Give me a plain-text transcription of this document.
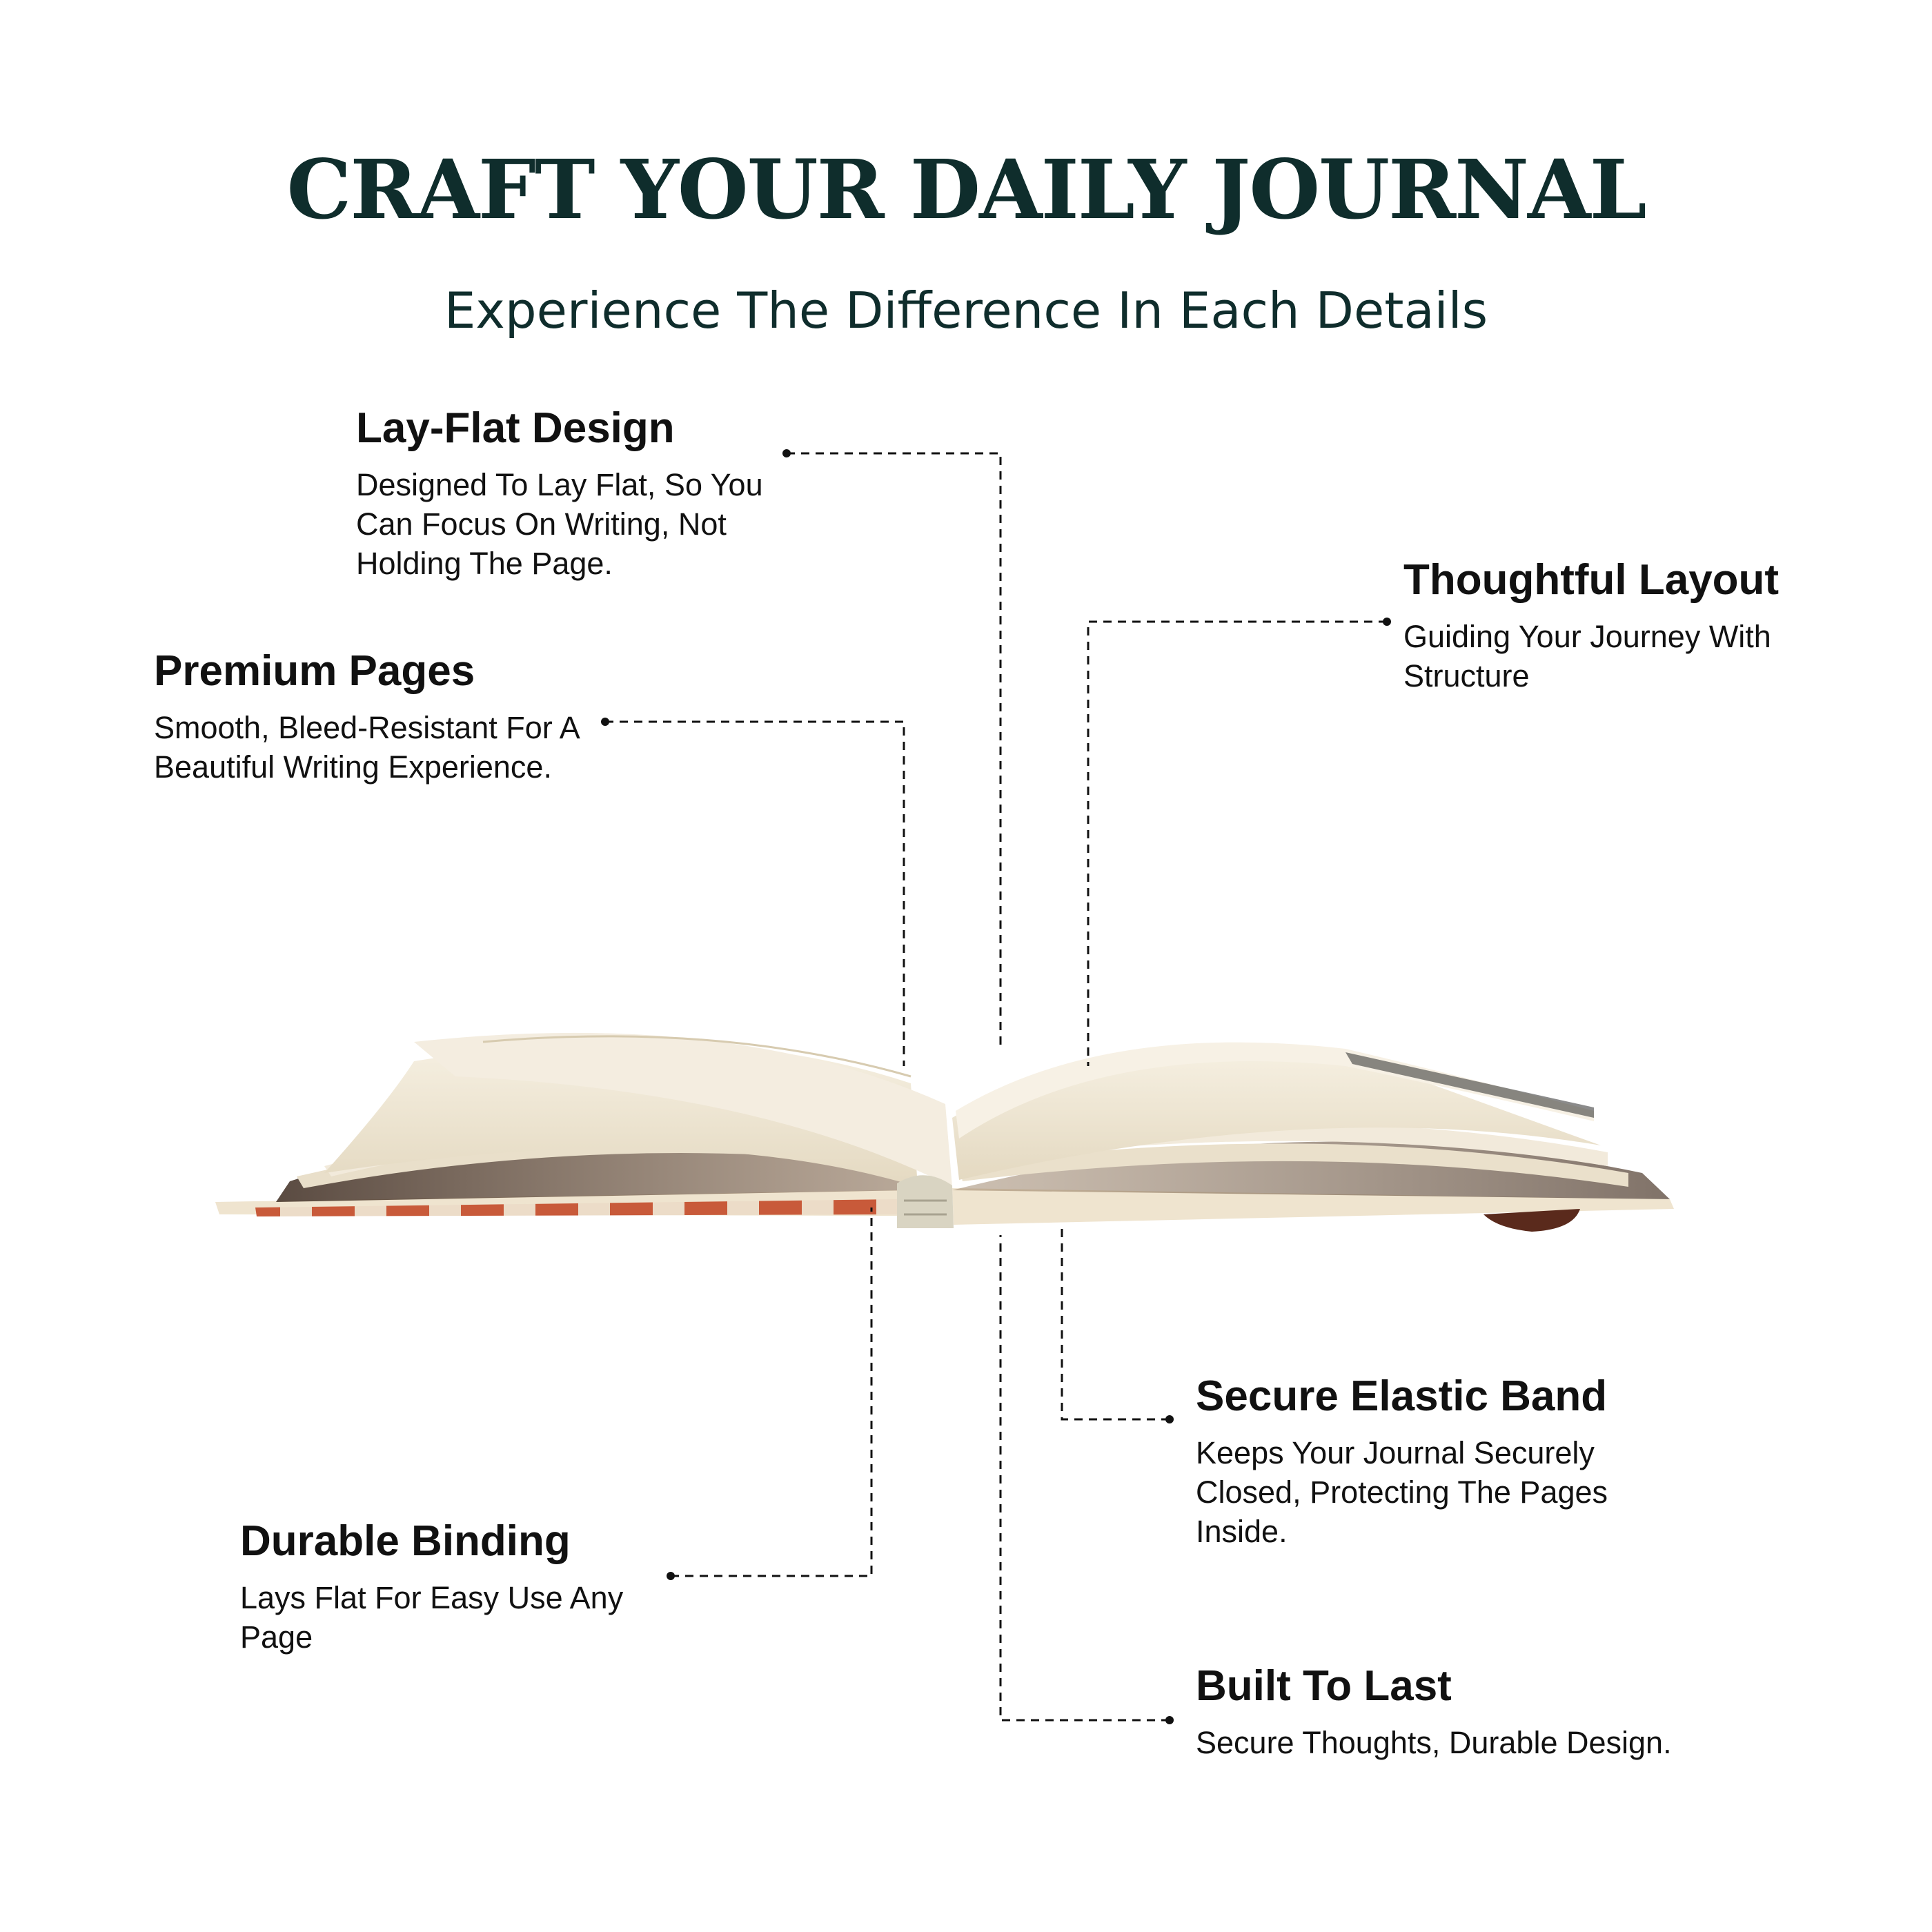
CRAFT YOUR DAILY JOURNAL
Experience The Difference In Each Details
Lay-Flat Design

Designed To Lay Flat, So You Can Focus On Writing, Not Holding The Page.

Premium Pages

Smooth, Bleed-Resistant For A Beautiful Writing Experience.

Thoughtful Layout

Guiding Your Journey With Structure

Secure Elastic Band

Keeps Your Journal Securely Closed, Protecting The Pages Inside.

Durable Binding

Lays Flat For Easy Use Any Page

Built To Last

Secure Thoughts, Durable Design.
